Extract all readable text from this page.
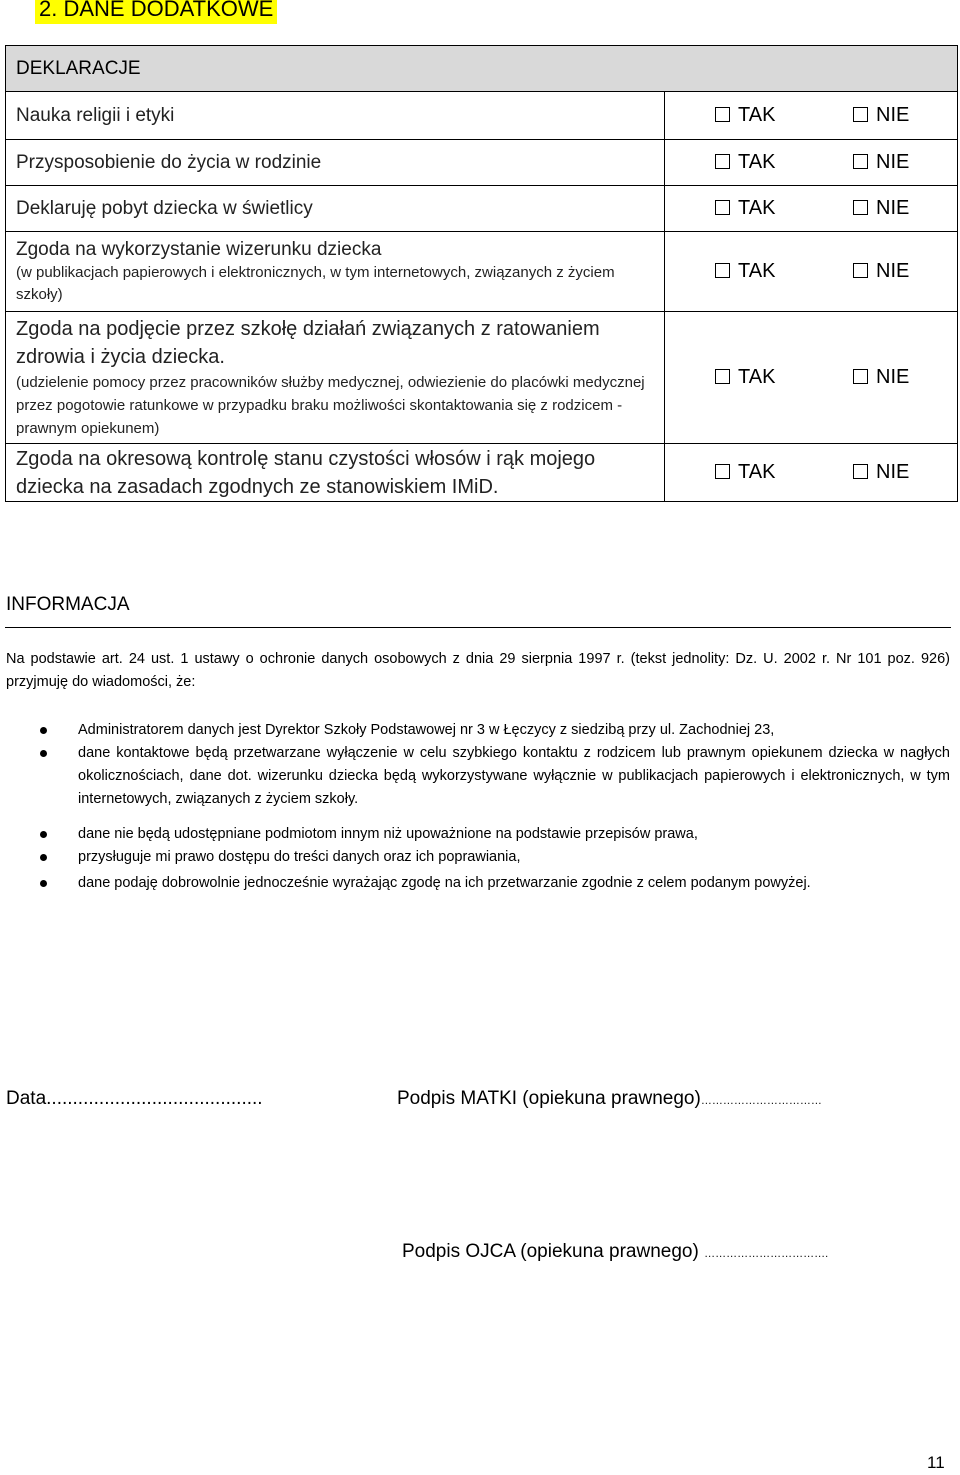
2. DANE DODATKOWE
DEKLARACJE	
Nauka religii i etyki	TAK NIE
Przysposobienie do życia w rodzinie	TAK NIE
Deklaruję pobyt dziecka w świetlicy	TAK NIE

Zgoda na wykorzystanie wizerunku dziecka
(w publikacjach papierowych i elektronicznych, w tym internetowych, związanych z życiem szkoły)	TAK NIE

Zgoda na podjęcie przez szkołę działań związanych z ratowaniem zdrowia i życia dziecka.
(udzielenie pomocy przez pracowników służby medycznej, odwiezienie do placówki medycznej przez pogotowie ratunkowe w przypadku braku możliwości skontaktowania się z rodzicem - prawnym opiekunem)	TAK NIE

Zgoda na okresową kontrolę stanu czystości włosów i rąk mojego dziecka na zasadach zgodnych ze stanowiskiem IMiD.	TAK NIE
INFORMACJA
Na podstawie art. 24 ust. 1 ustawy o ochronie danych osobowych z dnia 29 sierpnia 1997 r. (tekst jednolity: Dz. U. 2002 r. Nr 101 poz. 926) przyjmuję do wiadomości, że:
Administratorem danych jest Dyrektor Szkoły Podstawowej nr 3 w Łęczycy z siedzibą przy ul. Zachodniej 23,
dane kontaktowe będą przetwarzane wyłączenie w celu szybkiego kontaktu z rodzicem lub prawnym opiekunem dziecka w nagłych okolicznościach, dane dot. wizerunku dziecka będą wykorzystywane wyłącznie w publikacjach papierowych i elektronicznych, w tym internetowych, związanych z życiem szkoły.
dane nie będą udostępniane podmiotom innym niż upoważnione na podstawie przepisów prawa,
przysługuje mi prawo dostępu do treści danych oraz ich poprawiania,
dane podaję dobrowolnie jednocześnie wyrażając zgodę na ich przetwarzanie zgodnie z celem podanym powyżej.
Data.........................................	Podpis MATKI (opiekuna prawnego)……………………………
Podpis OJCA (opiekuna prawnego) …………………………….
11
